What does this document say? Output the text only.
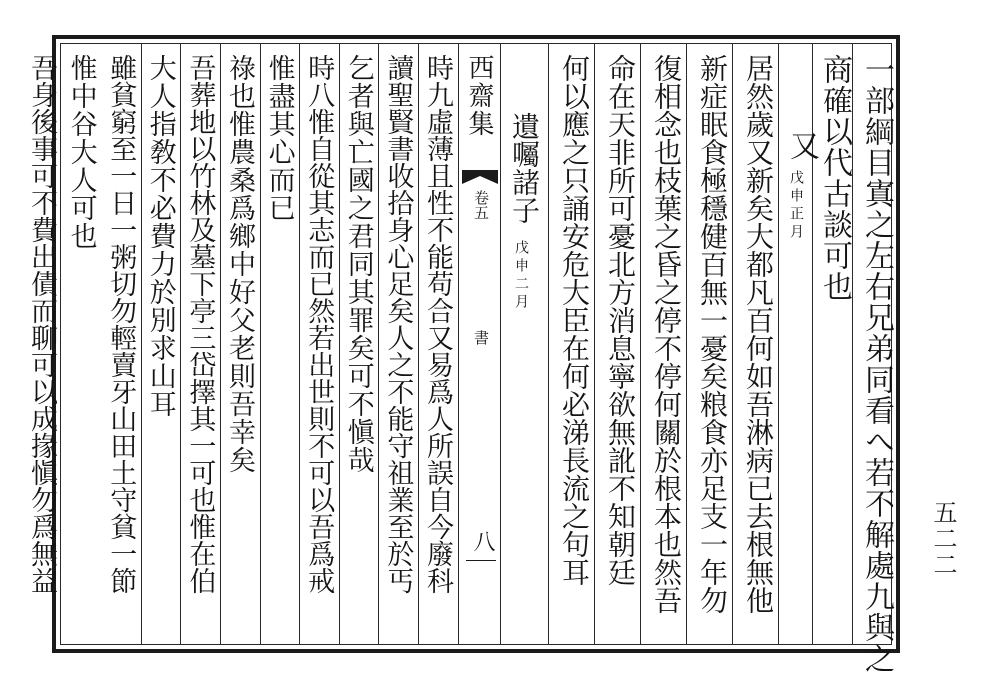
一部綱目寘之左右兄弟同看へ若不解處九與之
商確以代古談可也
又
戊申正月
居然歲又新矣大都凡百何如吾淋病已去根無他
新症眠食極穩健百無一憂矣粮食亦足支一年勿
復相念也枝葉之昏之停不停何關於根本也然吾
命在天非所可憂北方消息寧欲無訛不知朝廷
何以應之只誦安危大臣在何必涕長流之句耳
遺囑諸子
戊申二月
西齋集
卷五
書
八
時九虛薄且性不能苟合又易爲人所誤自今廢科
讀聖賢書收拾身心足矣人之不能守祖業至於丐
乞者與亡國之君同其罪矣可不愼哉
時八惟自從其志而已然若出世則不可以吾爲戒
惟盡其心而已
祿也惟農桑爲鄉中好父老則吾幸矣
吾葬地以竹林及墓下亭三岱擇其一可也惟在伯
大人指敎不必費力於別求山耳
雖貧窮至一日一粥切勿輕賣牙山田土守貧一節
惟中谷大人可也
五二二
吾身後事可不費出債而聊可以成掾愼勿爲無益
